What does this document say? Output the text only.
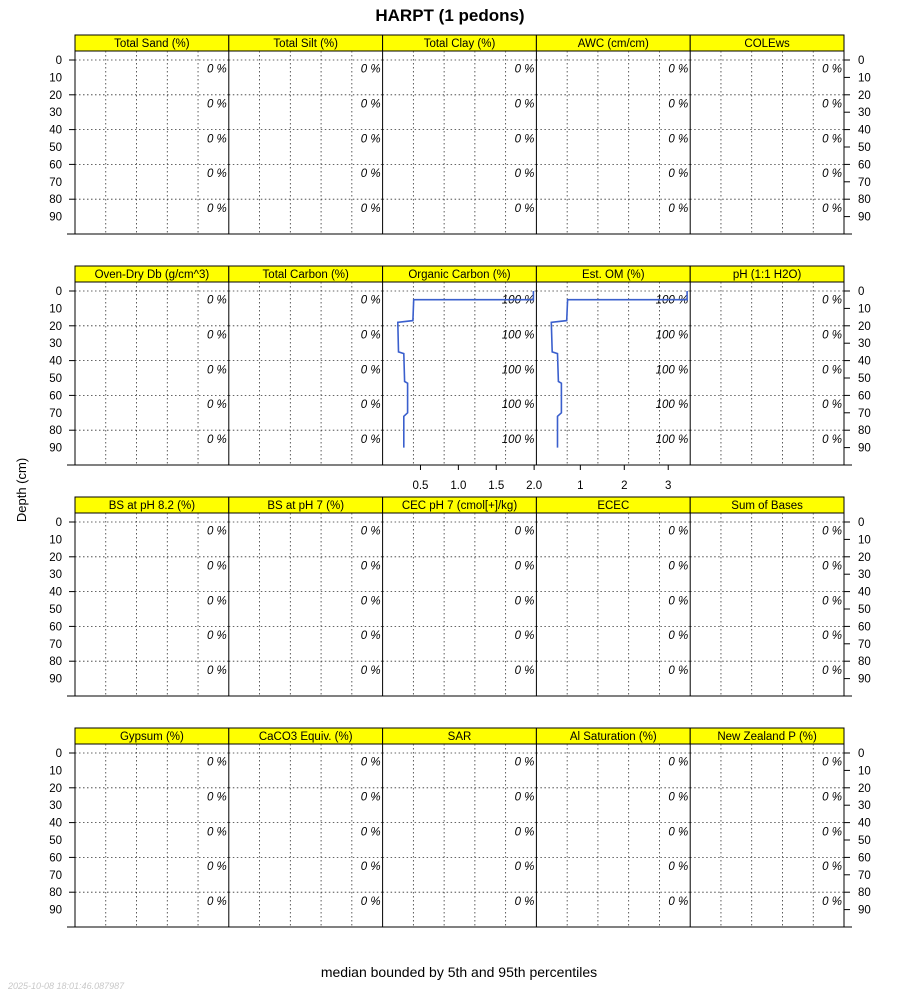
HARPT (1 pedons)
Depth (cm)
median bounded by 5th and 95th percentiles
2025-10-08 18:01:46.087987
Total Sand (%)
0 %
0 %
0 %
0 %
0 %
Total Silt (%)
0 %
0 %
0 %
0 %
0 %
Total Clay (%)
0 %
0 %
0 %
0 %
0 %
AWC (cm/cm)
0 %
0 %
0 %
0 %
0 %
COLEws
0 %
0 %
0 %
0 %
0 %
Oven-Dry Db (g/cm^3)
0 %
0 %
0 %
0 %
0 %
Total Carbon (%)
0 %
0 %
0 %
0 %
0 %
Organic Carbon (%)
100 %
100 %
100 %
100 %
100 %
0.5 1.0 1.5 2.0
Est. OM (%)
100 %
100 %
100 %
100 %
100 %
1	2	3
pH (1:1 H2O)
0 %
0 %
0 %
0 %
0 %
BS at pH 8.2 (%)
0 %
0 %
0 %
0 %
0 %
BS at pH 7 (%)
0 %
0 %
0 %
0 %
0 %
CEC pH 7 (cmol[+]/kg)
0 %
0 %
0 %
0 %
0 %
ECEC
0 %
0 %
0 %
0 %
0 %
Sum of Bases
0 %
0 %
0 %
0 %
0 %
Gypsum (%)
0 %
0 %
0 %
0 %
0 %
CaCO3 Equiv. (%)
0 %
0 %
0 %
0 %
0 %
SAR
0 %
0 %
0 %
0 %
0 %
Al Saturation (%)
0 %
0 %
0 %
0 %
0 %
New Zealand P (%)
0 %
0 %
0 %
0 %
0 %
0	0
10	10
20	20
30	30
40	40
50	50
60	60
70	70
80	80
90	90
0	0
10	10
20	20
30	30
40	40
50	50
60	60
70	70
80	80
90	90
0	0
10	10
20	20
30	30
40	40
50	50
60	60
70	70
80	80
90	90
0	0
10	10
20	20
30	30
40	40
50	50
60	60
70	70
80	80
90	90
